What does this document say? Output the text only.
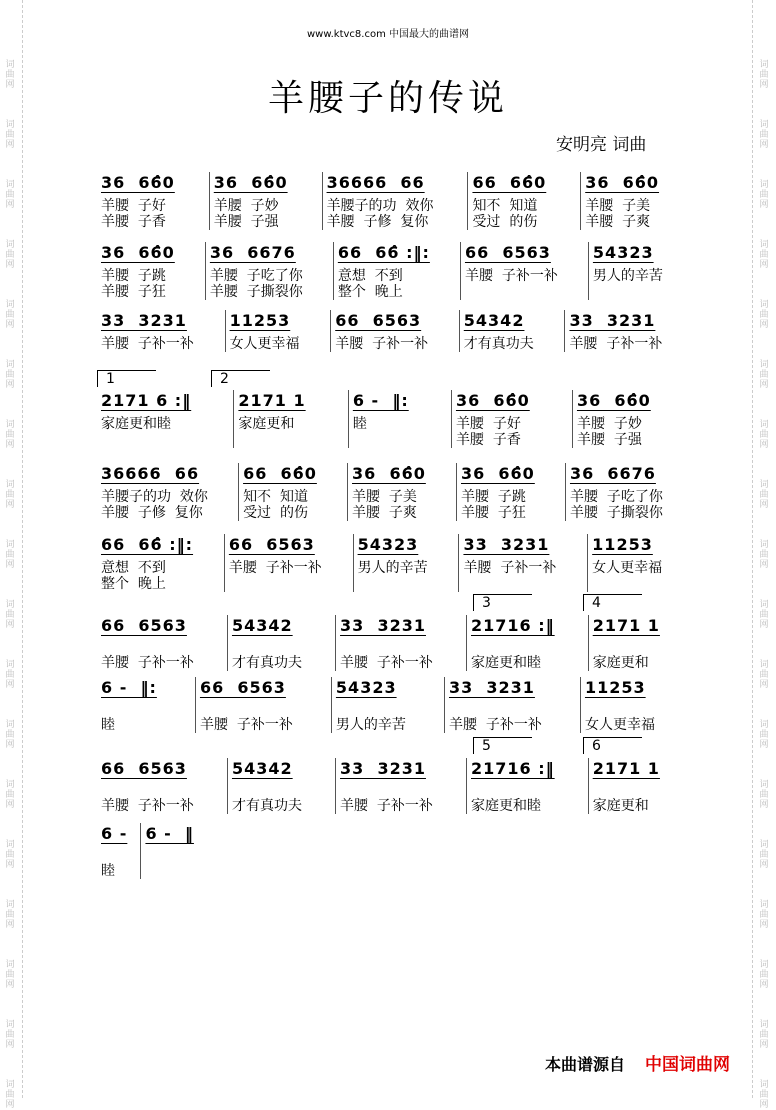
www.ktvc8.com 中国最大的曲谱网
羊腰子的传说
安明亮 词曲
36  66̂0
羊腰  子好
羊腰  子香
36  66̂0
羊腰  子妙
羊腰  子强
36666  66
羊腰子的功  效你
羊腰  子修  复你
66  66̂0
知不  知道
受过  的伤
36  66̂0
羊腰  子美
羊腰  子爽
36  66̂0
羊腰  子跳
羊腰  子狂
36  6676
羊腰  子吃了你
羊腰  子撕裂你
66  66̂ :‖:
意想  不到
整个  晚上
66  6563
羊腰  子补一补
54323
男人的辛苦
33  3231
羊腰  子补一补
11253
女人更幸福
66  6563
羊腰  子补一补
54342
才有真功夫
33  3231
羊腰  子补一补
2171 6 :‖
家庭更和睦
2171 1
家庭更和
6 -  ‖:
睦
36  66̂0
羊腰  子好
羊腰  子香
36  66̂0
羊腰  子妙
羊腰  子强
36666  66
羊腰子的功  效你
羊腰  子修  复你
66  66̂0
知不  知道
受过  的伤
36  66̂0
羊腰  子美
羊腰  子爽
36  66̂0
羊腰  子跳
羊腰  子狂
36  6676
羊腰  子吃了你
羊腰  子撕裂你
66  66̂ :‖:
意想  不到
整个  晚上
66  6563
羊腰  子补一补
54323
男人的辛苦
33  3231
羊腰  子补一补
11253
女人更幸福
66  6563
羊腰  子补一补
54342
才有真功夫
33  3231
羊腰  子补一补
21716 :‖
家庭更和睦
2171 1
家庭更和
6 -  ‖:
睦
66  6563
羊腰  子补一补
54323
男人的辛苦
33  3231
羊腰  子补一补
11253
女人更幸福
66  6563
羊腰  子补一补
54342
才有真功夫
33  3231
羊腰  子补一补
21716 :‖
家庭更和睦
2171 1
家庭更和
6 -
睦
6 -  ‖
1	2
3	4
5	6
本曲谱源自 中国词曲网
词曲网
词曲网
词曲网
词曲网
词曲网
词曲网
词曲网
词曲网
词曲网
词曲网
词曲网
词曲网
词曲网
词曲网
词曲网
词曲网
词曲网
词曲网
词曲网
词曲网
词曲网
词曲网
词曲网
词曲网
词曲网
词曲网
词曲网
词曲网
词曲网
词曲网
词曲网
词曲网
词曲网
词曲网
词曲网
词曲网
